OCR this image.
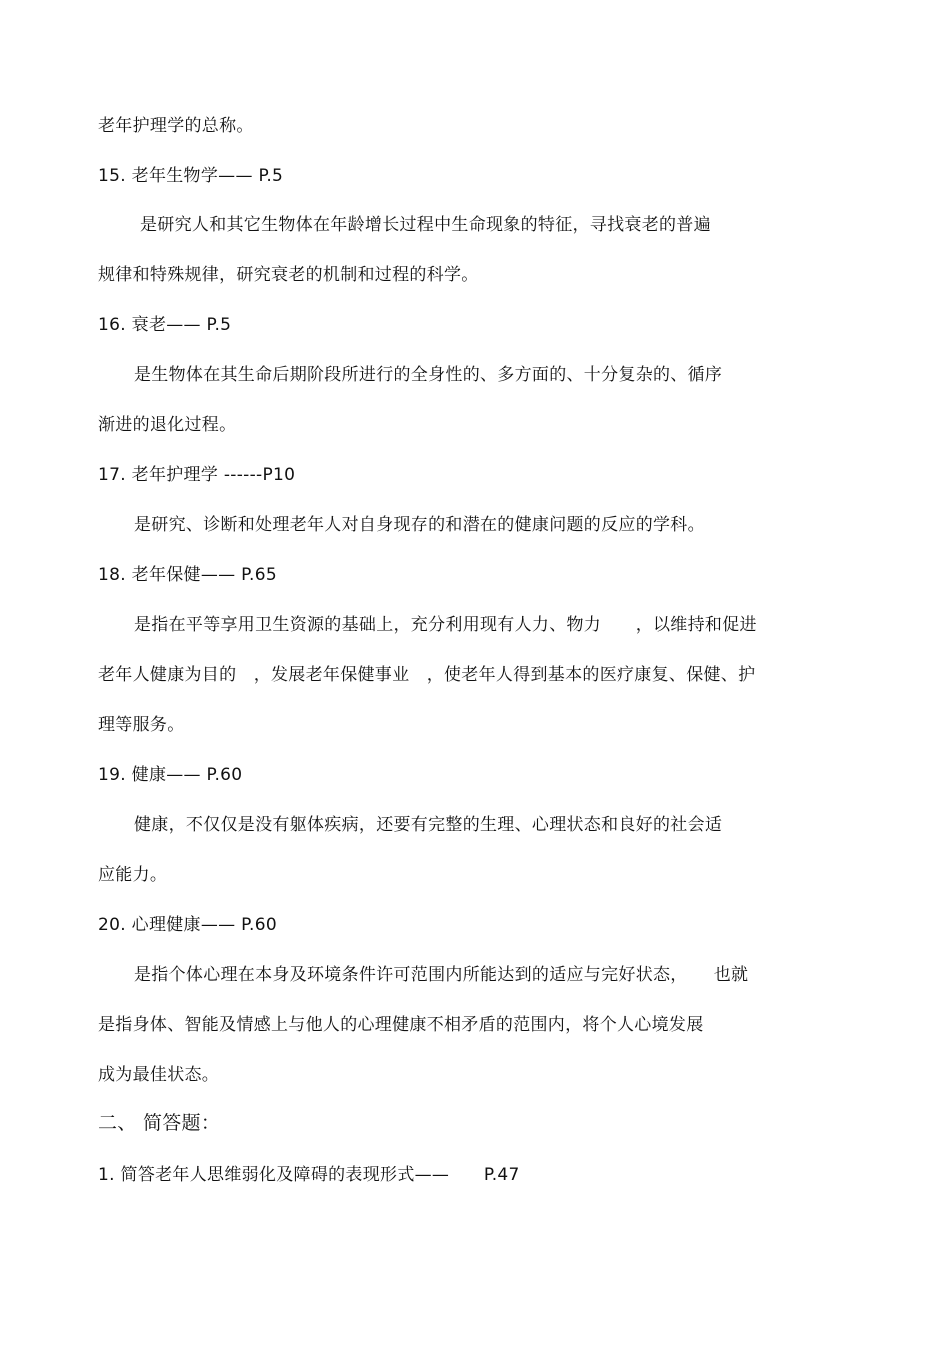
老年护理学的总称。
15. 老年生物学—— P.5
是研究人和其它生物体在年龄增长过程中生命现象的特征，寻找衰老的普遍
规律和特殊规律，研究衰老的机制和过程的科学。
16. 衰老—— P.5
是生物体在其生命后期阶段所进行的全身性的、多方面的、十分复杂的、循序
渐进的退化过程。
17. 老年护理学 ------P10
是研究、诊断和处理老年人对自身现存的和潜在的健康问题的反应的学科。
18. 老年保健—— P.65
是指在平等享用卫生资源的基础上，充分利用现有人力、物力　　，以维持和促进
老年人健康为目的　，发展老年保健事业　，使老年人得到基本的医疗康复、保健、护
理等服务。
19. 健康—— P.60
健康，不仅仅是没有躯体疾病，还要有完整的生理、心理状态和良好的社会适
应能力。
20. 心理健康—— P.60
是指个体心理在本身及环境条件许可范围内所能达到的适应与完好状态，　　也就
是指身体、智能及情感上与他人的心理健康不相矛盾的范围内，将个人心境发展
成为最佳状态。
二、 简答题：
1. 简答老年人思维弱化及障碍的表现形式——　　P.47
